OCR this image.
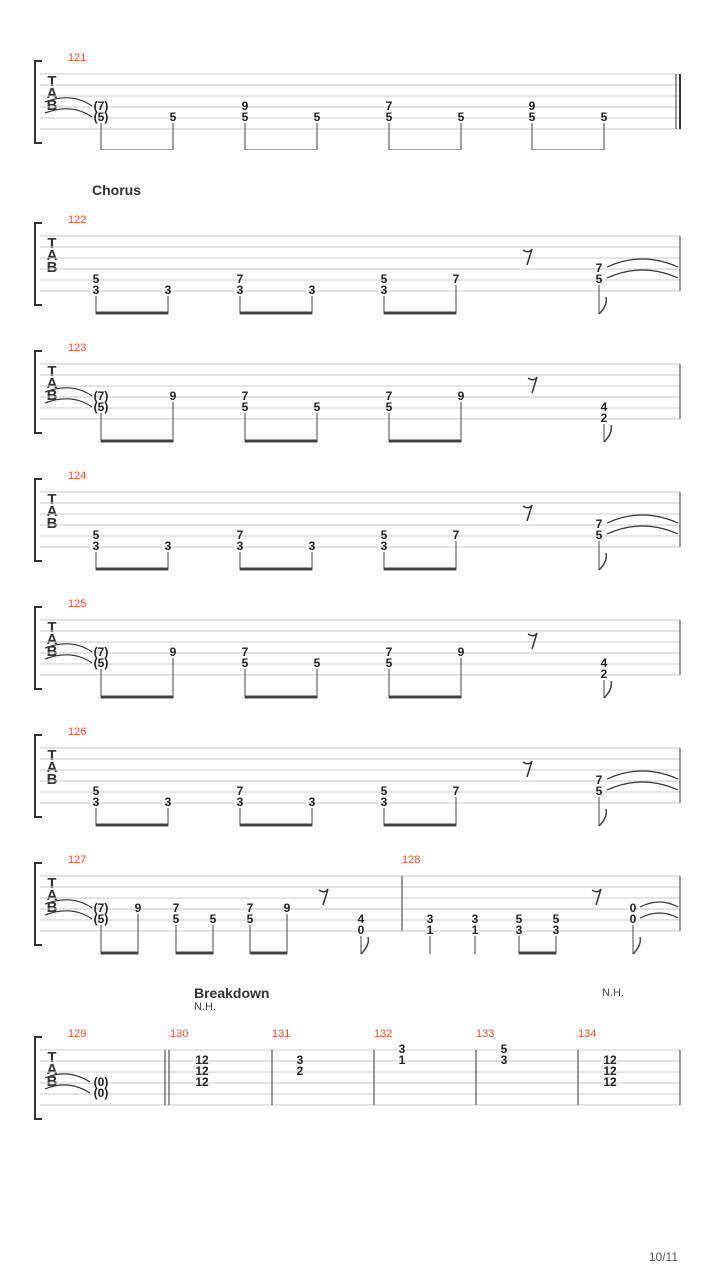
T
A
B
121
(7)
(5)	5
9
5	5
7
5	5
9
5	5
Chorus
T
A
B
122
5
3	3
7
3	3
5
3
7
7
5
T
A
B
123
(7)
(5)
9	7
5	5
7
5
9
4
2
T
A
B
124
5
3	3
7
3	3
5
3
7
7
5
T
A
B
125
(7)
(5)
9	7
5	5
7
5
9
4
2
T
A
B
126
5
3	3
7
3	3
5
3
7
7
5
T
A
B
127	128
(7)
(5)
9	7
5	5
7
5
9
4
0
3
1
3
1
5
3
5
3
0
0
Breakdown
N.H.
N.H.
T
A
B
129	130	131	132	133	134
(0)
(0)
12
12
12
3
2
3
1
5
3	12
12
12
10/11
